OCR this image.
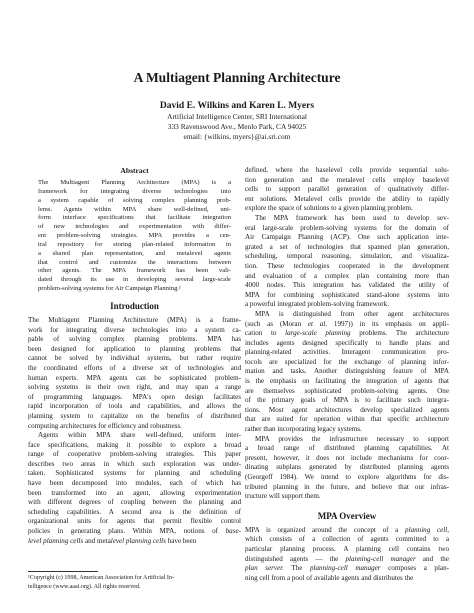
A Multiagent Planning Architecture
David E. Wilkins and Karen L. Myers
Artificial Intelligence Center, SRI International
333 Ravenswood Ave., Menlo Park, CA 94025
email: {wilkins, myers}@ai.sri.com
Abstract
The Multiagent Planning Architecture (MPA) is a
framework for integrating diverse technologies into
a system capable of solving complex planning prob-
lems. Agents within MPA share well-defined, uni-
form interface specifications that facilitate integration
of new technologies and experimentation with differ-
ent problem-solving strategies. MPA provides a cen-
tral repository for storing plan-related information in
a shared plan representation, and metalevel agents
that control and customize the interactions between
other agents. The MPA framework has been vali-
dated through its use in developing several large-scale
problem-solving systems for Air Campaign Planning.¹
Introduction
The Multiagent Planning Architecture (MPA) is a frame-
work for integrating diverse technologies into a system ca-
pable of solving complex planning problems. MPA has
been designed for application to planning problems that
cannot be solved by individual systems, but rather require
the coordinated efforts of a diverse set of technologies and
human experts. MPA agents can be sophisticated problem-
solving systems in their own right, and may span a range
of programming languages. MPA's open design facilitates
rapid incorporation of tools and capabilities, and allows the
planning system to capitalize on the benefits of distributed
computing architectures for efficiency and robustness.
Agents within MPA share well-defined, uniform inter-
face specifications, making it possible to explore a broad
range of cooperative problem-solving strategies. This paper
describes two areas in which such exploration was under-
taken. Sophisticated systems for planning and scheduling
have been decomposed into modules, each of which has
been transformed into an agent, allowing experimentation
with different degrees of coupling between the planning and
scheduling capabilities. A second area is the definition of
organizational units for agents that permit flexible control
policies in generating plans. Within MPA, notions of base-
level planning cells and metalevel planning cells have been
¹Copyright (c) 1998, American Association for Artificial In-
telligence (www.aaai.org). All rights reserved.
defined, where the baselevel cells provide sequential solu-
tion generation and the metalevel cells employ baselevel
cells to support parallel generation of qualitatively differ-
ent solutions. Metalevel cells provide the ability to rapidly
explore the space of solutions to a given planning problem.
The MPA framework has been used to develop sev-
eral large-scale problem-solving systems for the domain of
Air Campaign Planning (ACP). One such application inte-
grated a set of technologies that spanned plan generation,
scheduling, temporal reasoning, simulation, and visualiza-
tion. These technologies cooperated in the development
and evaluation of a complex plan containing more than
4000 nodes. This integration has validated the utility of
MPA for combining sophisticated stand-alone systems into
a powerful integrated problem-solving framework.
MPA is distinguished from other agent architectures
(such as (Moran et al. 1997)) in its emphasis on appli-
cation to large-scale planning problems. The architecture
includes agents designed specifically to handle plans and
planning-related activities. Interagent communication pro-
tocols are specialized for the exchange of planning infor-
mation and tasks. Another distinguishing feature of MPA
is the emphasis on facilitating the integration of agents that
are themselves sophisticated problem-solving agents. One
of the primary goals of MPA is to facilitate such integra-
tions. Most agent architectures develop specialized agents
that are suited for operation within that specific architecture
rather than incorporating legacy systems.
MPA provides the infrastructure necessary to support
a broad range of distributed planning capabilities. At
present, however, it does not include mechanisms for coor-
dinating subplans generated by distributed planning agents
(Georgeff 1984). We intend to explore algorithms for dis-
tributed planning in the future, and believe that our infras-
tructure will support them.
MPA Overview
MPA is organized around the concept of a planning cell,
which consists of a collection of agents committed to a
particular planning process. A planning cell contains two
distinguished agents — the planning-cell manager and the
plan server. The planning-cell manager composes a plan-
ning cell from a pool of available agents and distributes the
